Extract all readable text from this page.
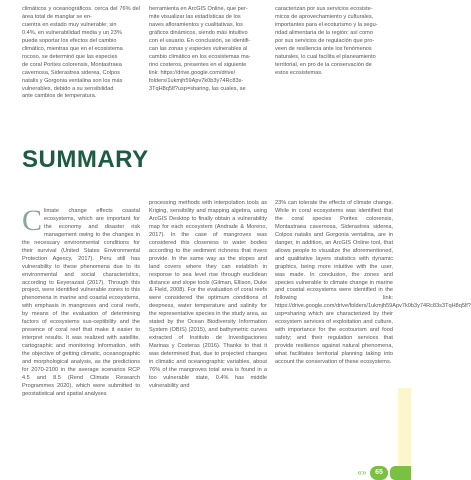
climáticos y oceanográficos. cerca del 76% del área total de manglar se en-
cuentra en estado muy vulnerable; sin
0.4%, en vulnerabilidad media y un 23%
puede soportar los efectos del cambio
climático, mientras que en el ecosistema
rocoso, se determinó que las especies
de coral Porites colorensis, Montastraea
cavernosa, Siderastrea siderea, Colpos
natalis y Gorgonia ventalina son los más
vulnerables, debido a su sensibilidad
ante cambios de temperatura.
herramienta en ArcGIS Online, que per-
mite visualizar las estadísticas de los
naves afloramientos y cualitativas, los
gráficos dinámicos, siendo más intuitivo
con el usuario. En conclusión, se identifi-
can las zonas y especies vulnerables al
cambio climático en los ecosistemas ma-
rino costeros, presentes en el siguiente
link: https://drive.google.com/drive/
folders/1ukmjh59Apv7k0b3y74Rc83s-
3TqH8q5lf?usp=sharing, las cuales, se
caracterizan por sus servicios ecosiste-
micos de aprovechamiento y culturales,
importantes para el ecoturismo y la segu-
ridad alimentaria de la región; así como
por sus servicios de regulación que pro-
veen de resiliencia ante los fenómenos
naturales, lo cual facilita el planeamiento
territorial, en pro de la conservación de
estos ecosistemas.
SUMMARY

Climate change effects coastal ecosystems, which are important for the economy and disaster risk management owing to the changes in the necessary environmental conditions for their survival (United States Environmental Protection Agency, 2017). Peru still has vulnerability to these phenomena due to its environmental and social characteristics, according to Eeyerazasi (2017). Through this project, were identified vulnerable zones to this phenomena in marine and coastal ecosystems, with emphasis in mangroves and coral reefs, by means of the evaluation of determining factors of ecosystems sus-ceptibility and the presence of coral reef that make it easier to interpret results. It was realized with satellite, cartographic and monitoring information, with the objective of getting climatic, oceanographic and morphological analysis, as the predictions for 2070-2100 in the average scenarios RCP 4.5 and 8.5 (Rend Climate Research Programmes 2020), which were submitted to geostatistical and spatial analyses

processing methods with interpolation tools as Kriging, sensibility and mapping algebra, using ArcGIS Desktop to finally obtain a vulnerability map for each ecosystem (Andrade & Moreno, 2017). In the case of mangroves was considered this closeness to water bodies according to the sediment richness that rivers provide. In the same way as the slopes and land covers where they can establish in response to sea level rise through euclidean distance and slope tools (Gilman, Ellison, Duke & Field, 2008). For the evaluation of coral reefs were considered the optimum conditions of deepness, water temperature and salinity for the representative species in the study area, as stated by the Ocean Biodiversity Information System (OBIS) (2015), and bathymetric curves extracted of Instituto de Investigaciones Marinas y Costeras (2016). Thanks to that it was determined that, due to projected changes in climatic and oceanographic variables, about 76% of the mangroves total area is found in a too vulnerable state, 0.4% has middle vulnerability and
23% can tolerate the effects of climate change. While in coral ecosystems was identified that the coral species Porites colorensis, Montastraea cavernosa, Siderastrea siderea, Colpos natalis and Gorgonia ventalina, are in danger, in addition, an ArcGIS Online tool, that allows people to visualize the aforementioned, and qualitative layers statistics with dynamic graphics, being more intuitive with the user, was made. In conclusion, the zones and species vulnerable to climate change in marine and coastal ecosystems were identified in the following link: https://drive.google.com/drive/folders/1ukmjh59Apv7k0b3y74Rc83s3TqH8q5lf?usp=sharing which are characterized by their ecosystem services of exploitation and culture, with importance for the ecotourism and food safety; and their regulation services that provide resilience against natural phenomena, what facilitates territorial planning taking into account the conservation of these ecosystems.
«»	65
